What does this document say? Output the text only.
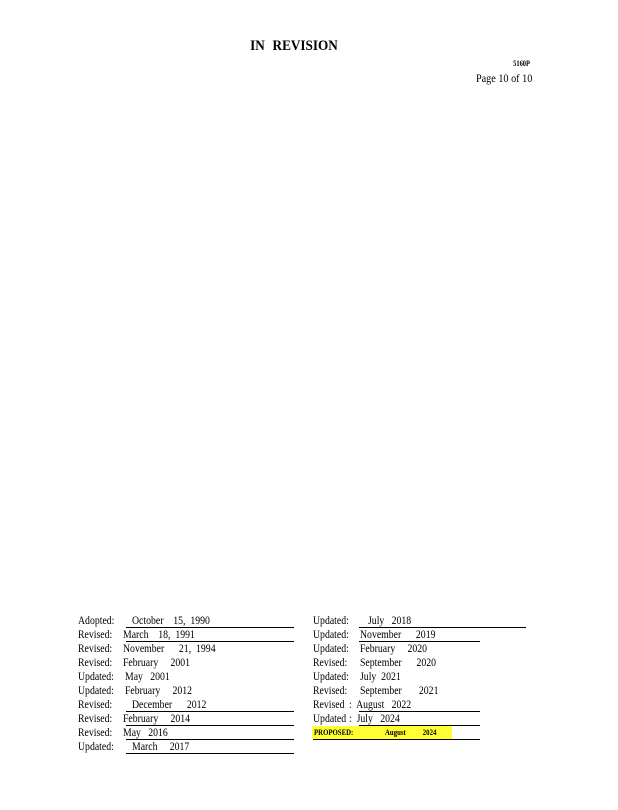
IN REVISION
5160P
Page 10 of 10

Adopted:

October    15,  1990

Revised:

March    18,  1991

Revised:

November      21,  1994

Revised:

February     2001

Updated:

May   2001

Updated:

February     2012

Revised:

December      2012

Revised:

February     2014

Revised:

May   2016

Updated:

March     2017

Updated:

July   2018

Updated:

November      2019

Updated:

February     2020

Revised:

September      2020

Updated:

July  2021

Revised:

September       2021

Revised

:  August   2022

Updated

:  July   2024

PROPOSED:

	August          2024
